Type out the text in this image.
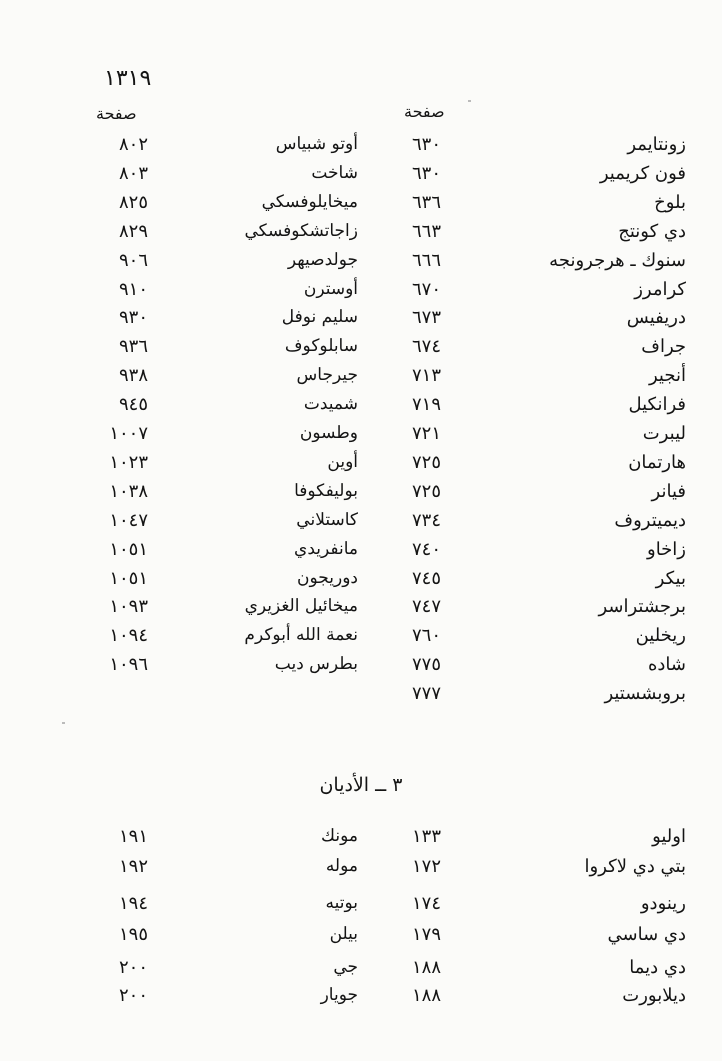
١٣١٩
صفحة	صفحة
زونتايمر
٦٣٠
أوتو شبياس
٨٠٢
فون كريمير
٦٣٠
شاخت
٨٠٣
بلوخ
٦٣٦
ميخايلوفسكي
٨٢٥
دي كونتج
٦٦٣
زاجاتشكوفسكي
٨٢٩
سنوك ـ هرجرونجه
٦٦٦
جولدصيهر
٩٠٦
كرامرز
٦٧٠
أوسترن
٩١٠
دريفيس
٦٧٣
سليم نوفل
٩٣٠
جراف
٦٧٤
سابلوكوف
٩٣٦
أنجير
٧١٣
جيرجاس
٩٣٨
فرانكيل
٧١٩
شميدت
٩٤٥
ليبرت
٧٢١
وطسون
١٠٠٧
هارتمان
٧٢٥
أوين
١٠٢٣
فيانر
٧٢٥
بوليفكوفا
١٠٣٨
ديميتروف
٧٣٤
كاستلاني
١٠٤٧
زاخاو
٧٤٠
مانفريدي
١٠٥١
بيكر
٧٤٥
دوريجون
١٠٥١
برجشتراسر
٧٤٧
ميخائيل الغزيري
١٠٩٣
ريخلين
٧٦٠
نعمة الله أبوكرم
١٠٩٤
شاده
٧٧٥
بطرس ديب
١٠٩٦
بروبشستير
٧٧٧
٣ ــ الأديان
اوليو
١٣٣
مونك
١٩١
بتي دي لاكروا
١٧٢
موله
١٩٢
رينودو
١٧٤
بوتيه
١٩٤
دي ساسي
١٧٩
بيلن
١٩٥
دي ديما
١٨٨
جي
٢٠٠
ديلابورت
١٨٨
جويار
٢٠٠
